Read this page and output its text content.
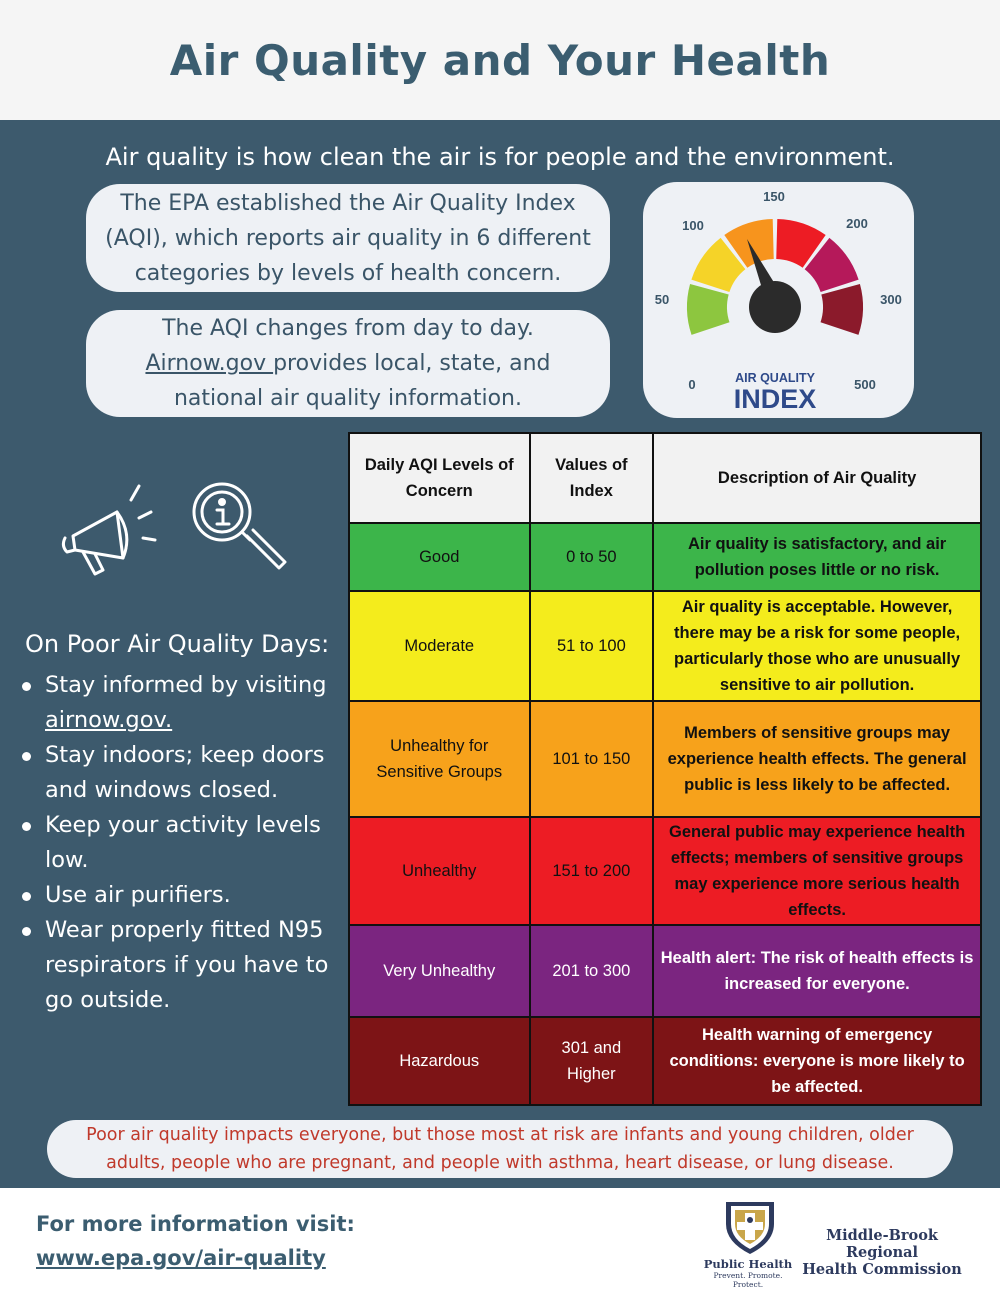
Air Quality and Your Health
Air quality is how clean the air is for people and the environment.
The EPA established the Air Quality Index
(AQI), which reports air quality in 6 different
categories by levels of health concern.
The AQI changes from day to day.
Airnow.gov provides local, state, and
national air quality information.
0
50
100
150
200
300
500
AIR QUALITY
INDEX
On Poor Air Quality Days:
Stay informed by visiting airnow.gov.
Stay indoors; keep doors and windows closed.
Keep your activity levels low.
Use air purifiers.
Wear properly fitted N95 respirators if you have to go outside.
Daily AQI Levels of Concern	Values of Index	Description of Air Quality
Good	0 to 50	Air quality is satisfactory, and air pollution poses little or no risk.
Moderate	51 to 100	Air quality is acceptable. However, there may be a risk for some people, particularly those who are unusually sensitive to air pollution.
Unhealthy for Sensitive Groups	101 to 150	Members of sensitive groups may experience health effects. The general public is less likely to be affected.
Unhealthy	151 to 200	General public may experience health effects; members of sensitive groups may experience more serious health effects.
Very Unhealthy	201 to 300	Health alert: The risk of health effects is increased for everyone.
Hazardous	301 and Higher	Health warning of emergency conditions: everyone is more likely to be affected.
Poor air quality impacts everyone, but those most at risk are infants and young children, older adults, people who are pregnant, and people with asthma, heart disease, or lung disease.
For more information visit:
www.epa.gov/air-quality	Public Health
Prevent. Promote. Protect.
Middle-Brook Regional
Health Commission
